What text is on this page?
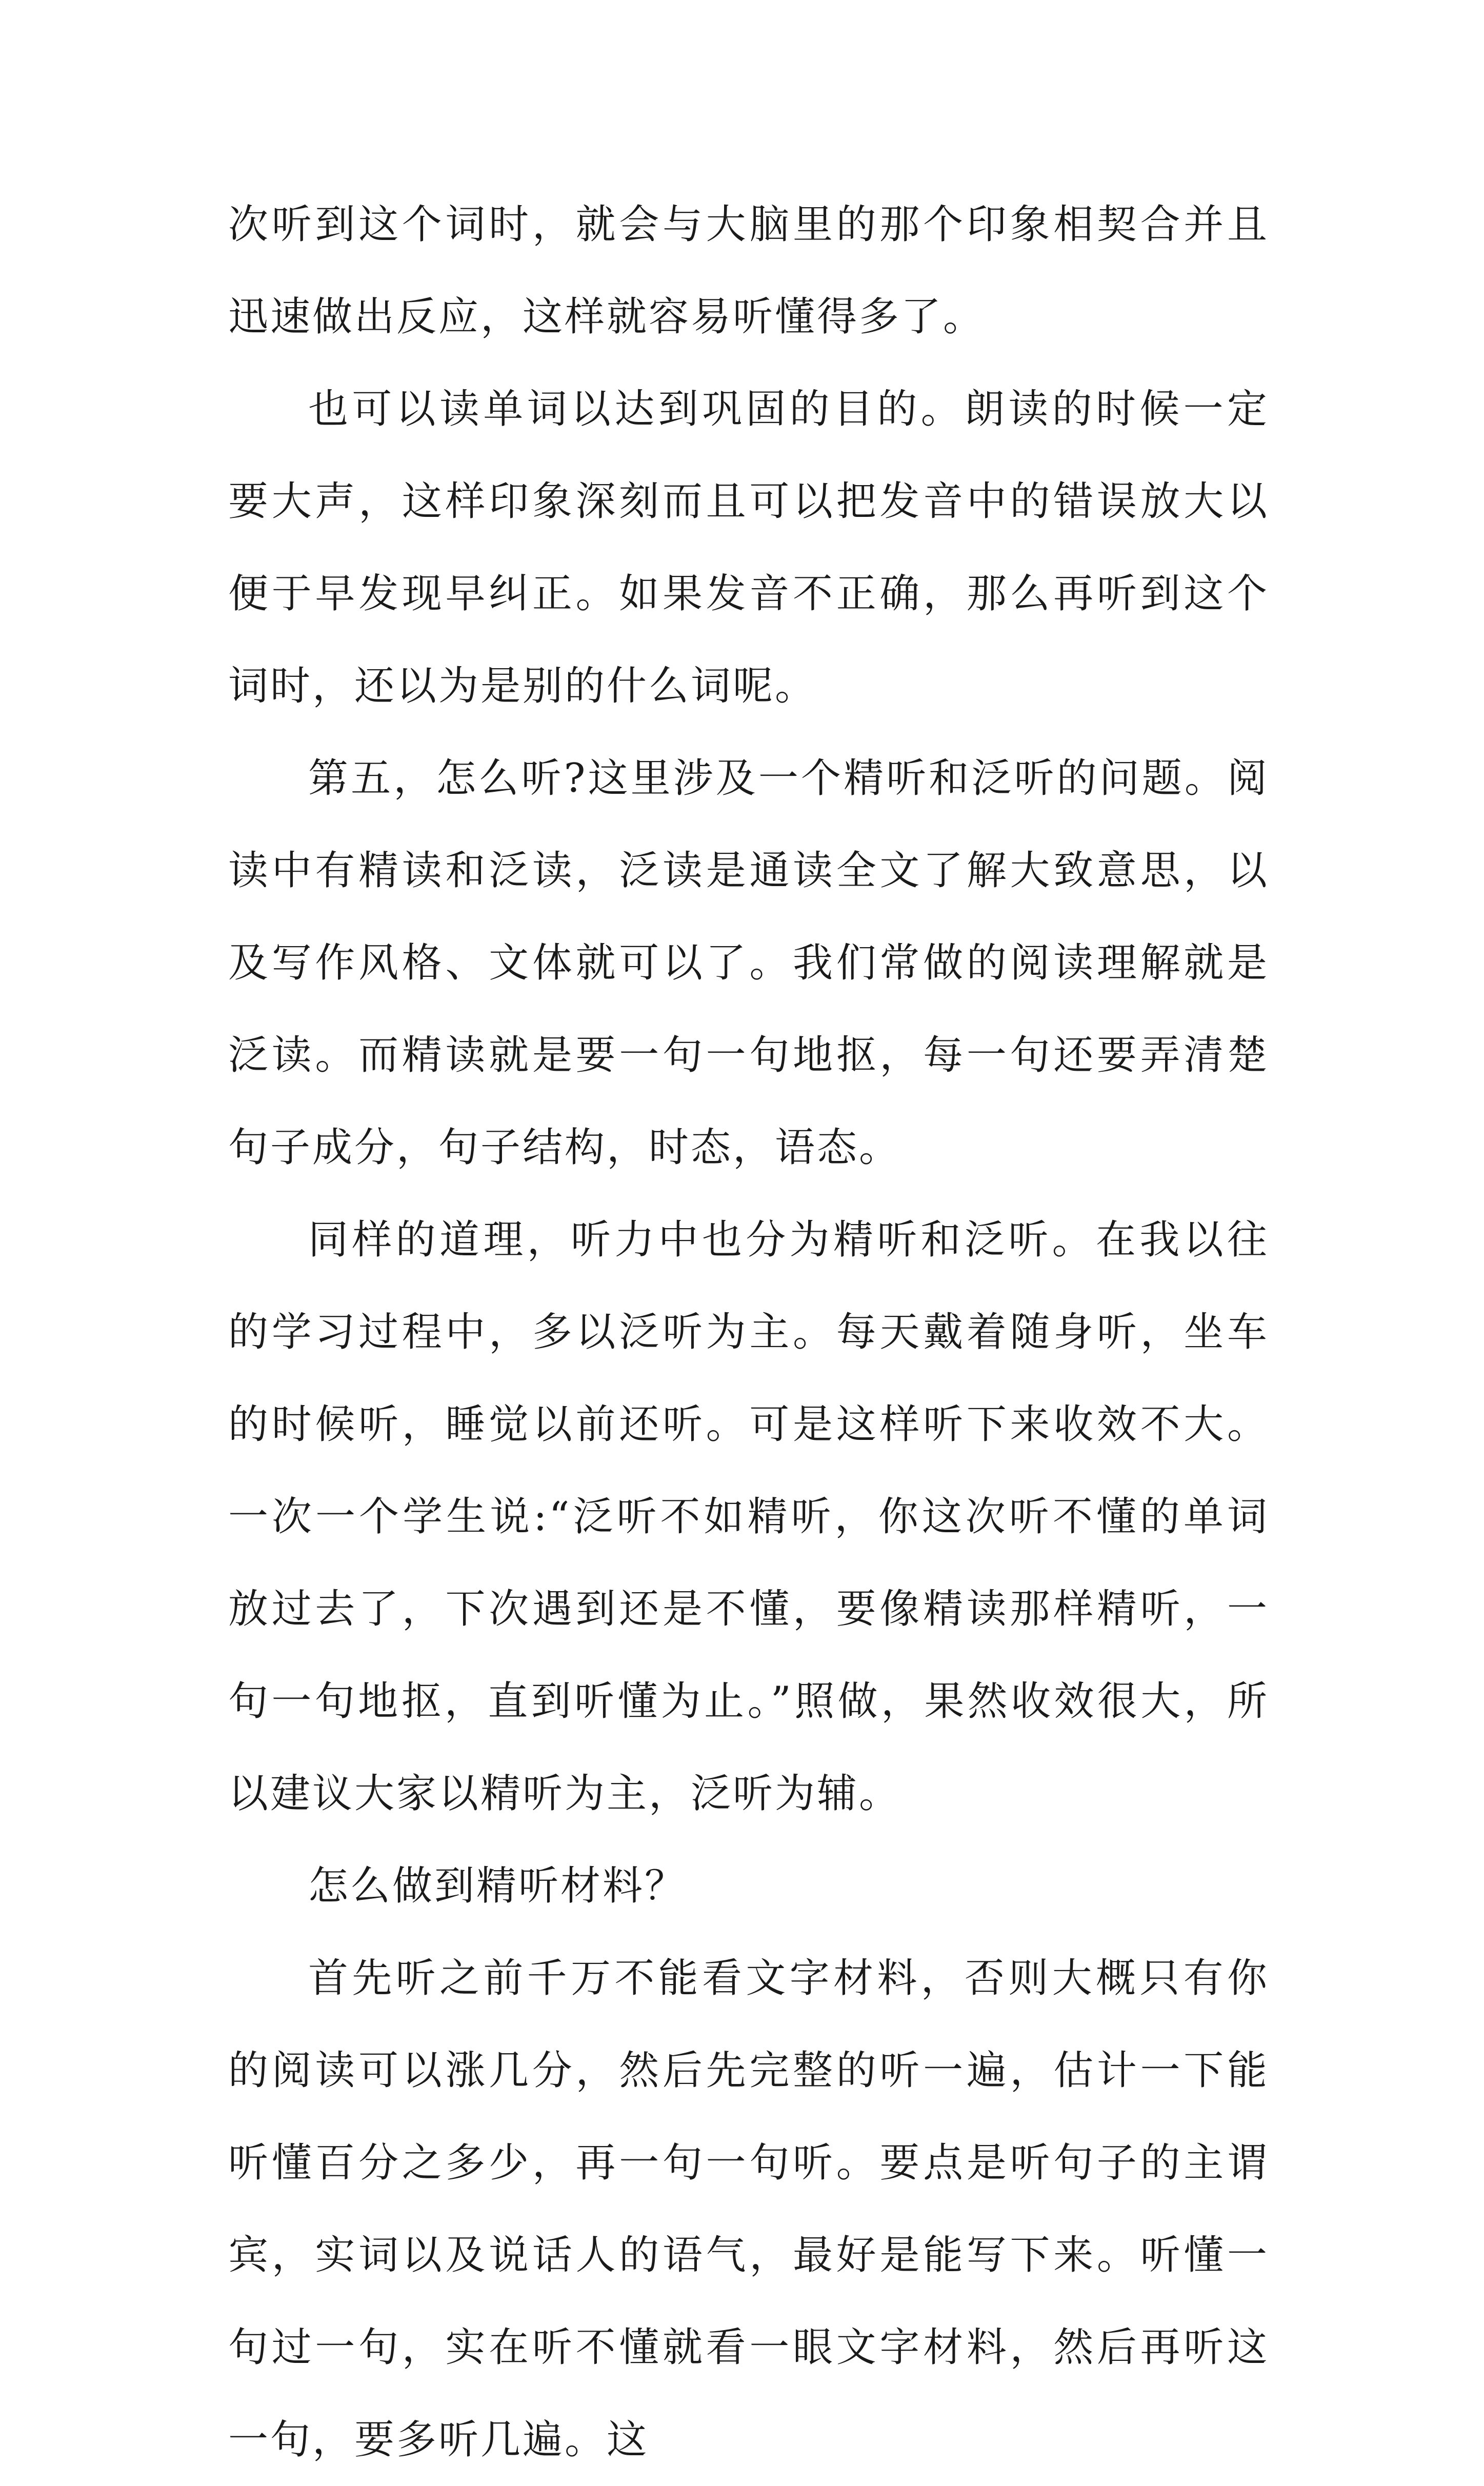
次听到这个词时，就会与大脑里的那个印象相契合并且迅速做出反应，这样就容易听懂得多了。

也可以读单词以达到巩固的目的。朗读的时候一定要大声，这样印象深刻而且可以把发音中的错误放大以便于早发现早纠正。如果发音不正确，那么再听到这个词时，还以为是别的什么词呢。

第五，怎么听?这里涉及一个精听和泛听的问题。阅读中有精读和泛读，泛读是通读全文了解大致意思，以及写作风格、文体就可以了。我们常做的阅读理解就是泛读。而精读就是要一句一句地抠，每一句还要弄清楚句子成分，句子结构，时态，语态。

同样的道理，听力中也分为精听和泛听。在我以往的学习过程中，多以泛听为主。每天戴着随身听，坐车的时候听，睡觉以前还听。可是这样听下来收效不大。一次一个学生说:“泛听不如精听，你这次听不懂的单词放过去了，下次遇到还是不懂，要像精读那样精听，一句一句地抠，直到听懂为止。”照做，果然收效很大，所以建议大家以精听为主，泛听为辅。

怎么做到精听材料？

首先听之前千万不能看文字材料，否则大概只有你的阅读可以涨几分，然后先完整的听一遍，估计一下能听懂百分之多少，再一句一句听。要点是听句子的主谓宾，实词以及说话人的语气，最好是能写下来。听懂一句过一句，实在听不懂就看一眼文字材料，然后再听这一句，要多听几遍。这
